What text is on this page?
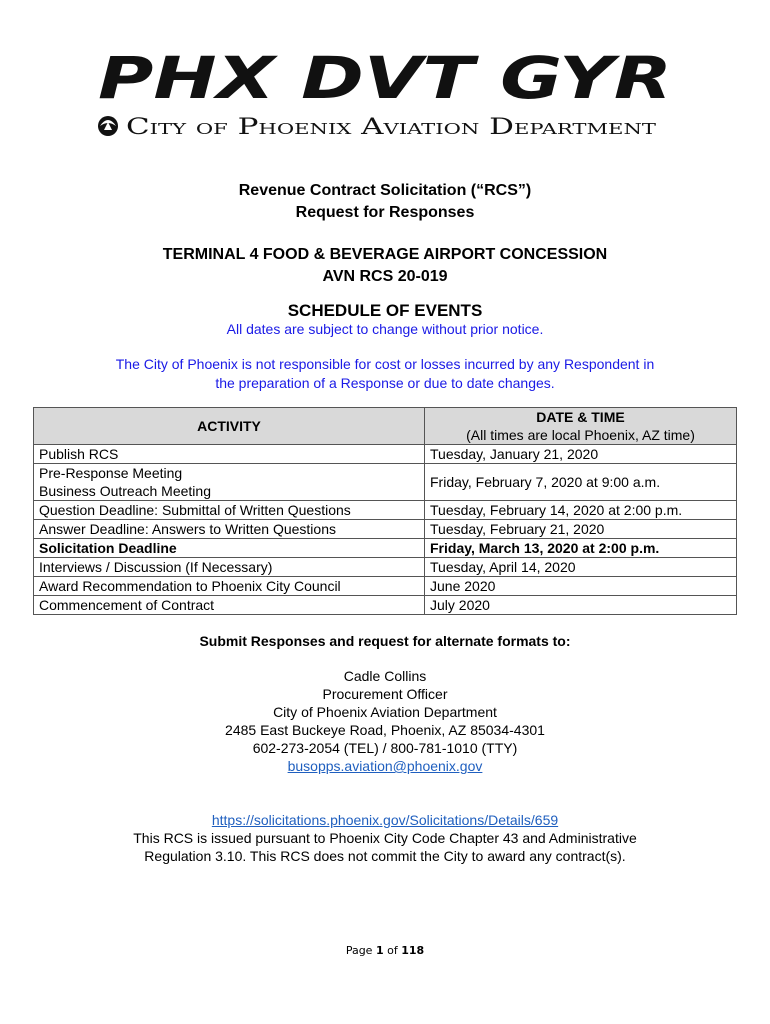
PHX DVT GYR
City of Phoenix Aviation Department
Revenue Contract Solicitation (“RCS”)
Request for Responses
TERMINAL 4 FOOD & BEVERAGE AIRPORT CONCESSION
AVN RCS 20-019
SCHEDULE OF EVENTS
All dates are subject to change without prior notice.
The City of Phoenix is not responsible for cost or losses incurred by any Respondent in
the preparation of a Response or due to date changes.
ACTIVITY	DATE & TIME
(All times are local Phoenix, AZ time)

Publish RCS	Tuesday, January 21, 2020

Pre-Response Meeting
Business Outreach Meeting	Friday, February 7, 2020 at 9:00 a.m.
Question Deadline: Submittal of Written Questions	Tuesday, February 14, 2020 at 2:00 p.m.
Answer Deadline: Answers to Written Questions	Tuesday, February 21, 2020
Solicitation Deadline	Friday, March 13, 2020 at 2:00 p.m.
Interviews / Discussion (If Necessary)	Tuesday, April 14, 2020
Award Recommendation to Phoenix City Council	June 2020
Commencement of Contract	July 2020
Submit Responses and request for alternate formats to:
Cadle Collins
Procurement Officer
City of Phoenix Aviation Department
2485 East Buckeye Road, Phoenix, AZ 85034-4301
602-273-2054 (TEL) / 800-781-1010 (TTY)
busopps.aviation@phoenix.gov
https://solicitations.phoenix.gov/Solicitations/Details/659
This RCS is issued pursuant to Phoenix City Code Chapter 43 and Administrative
Regulation 3.10. This RCS does not commit the City to award any contract(s).
Page 1 of 118
